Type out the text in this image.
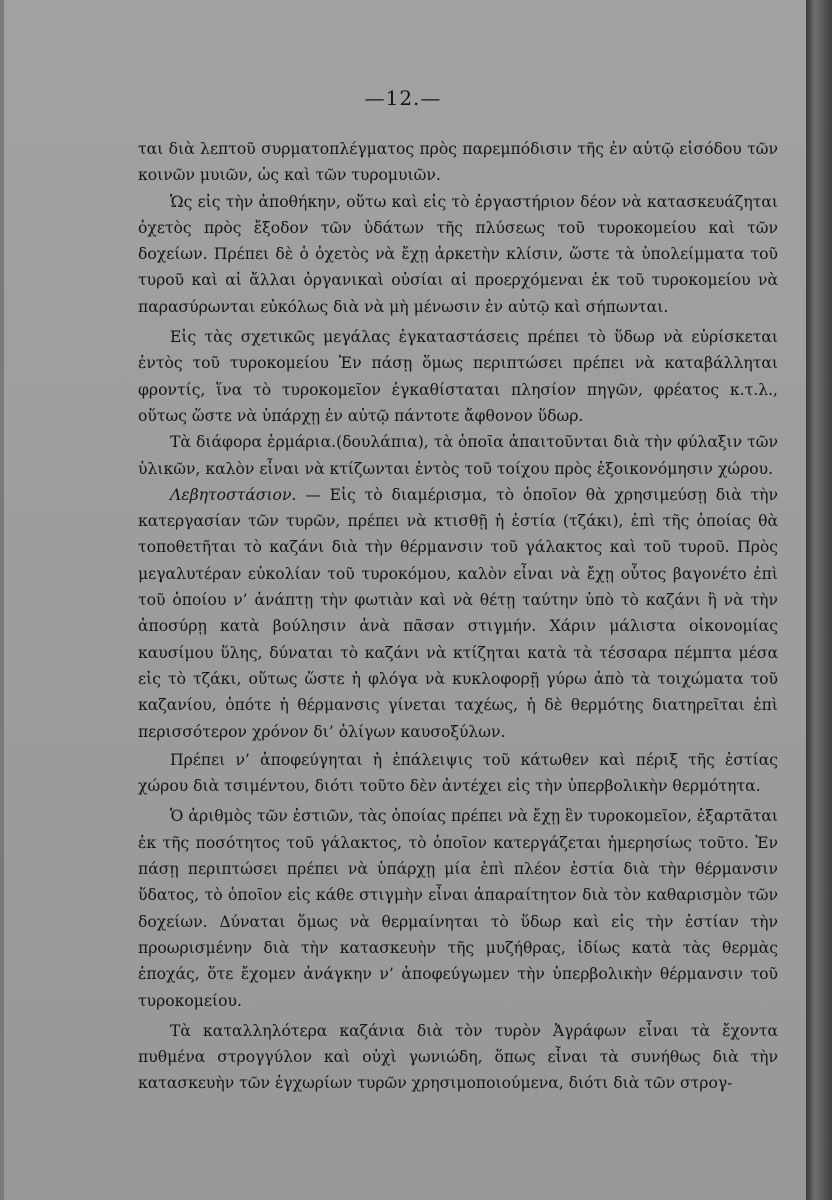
—12.—

ται διὰ λεπτοῦ συρματοπλέγματος πρὸς παρεμπόδισιν τῆς ἐν αὐτῷ εἰσόδου τῶν κοινῶν μυιῶν, ὡς καὶ τῶν τυρομυιῶν.

Ὡς εἰς τὴν ἀποθήκην, οὕτω καὶ εἰς τὸ ἐργαστήριον δέον νὰ κατασκευάζηται ὀχετὸς πρὸς ἔξοδον τῶν ὑδάτων τῆς πλύσεως τοῦ τυροκομείου καὶ τῶν δοχείων. Πρέπει δὲ ὁ ὀχετὸς νὰ ἔχῃ ἀρκετὴν κλίσιν, ὥστε τὰ ὑπολείμματα τοῦ τυροῦ καὶ αἱ ἄλλαι ὀργανικαὶ οὐσίαι αἱ προερχόμεναι ἐκ τοῦ τυροκομείου νὰ παρασύρωνται εὐκόλως διὰ νὰ μὴ μένωσιν ἐν αὐτῷ καὶ σήπωνται.

Εἰς τὰς σχετικῶς μεγάλας ἐγκαταστάσεις πρέπει τὸ ὕδωρ νὰ εὑρίσκεται ἐντὸς τοῦ τυροκομείου Ἐν πάσῃ ὅμως περιπτώσει πρέπει νὰ καταβάλληται φροντίς, ἵνα τὸ τυροκομεῖον ἐγκαθίσταται πλησίον πηγῶν, φρέατος κ.τ.λ., οὕτως ὥστε νὰ ὑπάρχῃ ἐν αὐτῷ πάντοτε ἄφθονον ὕδωρ.

Τὰ διάφορα ἑρμάρια.(δουλάπια), τὰ ὁποῖα ἀπαιτοῦνται διὰ τὴν φύλαξιν τῶν ὑλικῶν, καλὸν εἶναι νὰ κτίζωνται ἐντὸς τοῦ τοίχου πρὸς ἐξοικονόμησιν χώρου.

Λεβητοστάσιον. — Εἰς τὸ διαμέρισμα, τὸ ὁποῖον θὰ χρησιμεύσῃ διὰ τὴν κατεργασίαν τῶν τυρῶν, πρέπει νὰ κτισθῇ ἡ ἑστία (τζάκι), ἐπὶ τῆς ὁποίας θὰ τοποθετῆται τὸ καζάνι διὰ τὴν θέρμανσιν τοῦ γάλακτος καὶ τοῦ τυροῦ. Πρὸς μεγαλυτέραν εὐκολίαν τοῦ τυροκόμου, καλὸν εἶναι νὰ ἔχῃ οὗτος βαγονέτο ἐπὶ τοῦ ὁποίου ν’ ἀνάπτῃ τὴν φωτιὰν καὶ νὰ θέτῃ ταύτην ὑπὸ τὸ καζάνι ἢ νὰ τὴν ἀποσύρῃ κατὰ βούλησιν ἀνὰ πᾶσαν στιγμήν. Χάριν μάλιστα οἰκονομίας καυσίμου ὕλης, δύναται τὸ καζάνι νὰ κτίζηται κατὰ τὰ τέσσαρα πέμπτα μέσα εἰς τὸ τζάκι, οὕτως ὥστε ἡ φλόγα νὰ κυκλοφορῇ γύρω ἀπὸ τὰ τοιχώματα τοῦ καζανίου, ὁπότε ἡ θέρμανσις γίνεται ταχέως, ἡ δὲ θερμότης διατηρεῖται ἐπὶ περισσότερον χρόνον δι’ ὀλίγων καυσοξύλων.

Πρέπει ν’ ἀποφεύγηται ἡ ἐπάλειψις τοῦ κάτωθεν καὶ πέριξ τῆς ἑστίας χώρου διὰ τσιμέντου, διότι τοῦτο δὲν ἀντέχει εἰς τὴν ὑπερβολικὴν θερμότητα.

Ὁ ἀριθμὸς τῶν ἑστιῶν, τὰς ὁποίας πρέπει νὰ ἔχῃ ἓν τυροκομεῖον, ἐξαρτᾶται ἐκ τῆς ποσότητος τοῦ γάλακτος, τὸ ὁποῖον κατεργάζεται ἡμερησίως τοῦτο. Ἐν πάσῃ περιπτώσει πρέπει νὰ ὑπάρχῃ μία ἐπὶ πλέον ἑστία διὰ τὴν θέρμανσιν ὕδατος, τὸ ὁποῖον εἰς κάθε στιγμὴν εἶναι ἀπαραίτητον διὰ τὸν καθαρισμὸν τῶν δοχείων. Δύναται ὅμως νὰ θερμαίνηται τὸ ὕδωρ καὶ εἰς τὴν ἑστίαν τὴν προωρισμένην διὰ τὴν κατασκευὴν τῆς μυζήθρας, ἰδίως κατὰ τὰς θερμὰς ἐποχάς, ὅτε ἔχομεν ἀνάγκην ν’ ἀποφεύγωμεν τὴν ὑπερβολικὴν θέρμανσιν τοῦ τυροκομείου.

Τὰ καταλληλότερα καζάνια διὰ τὸν τυρὸν Ἀγράφων εἶναι τὰ ἔχοντα πυθμένα στρογγύλον καὶ οὐχὶ γωνιώδη, ὅπως εἶναι τὰ συνήθως διὰ τὴν κατασκευὴν τῶν ἐγχωρίων τυρῶν χρησιμοποιούμενα, διότι διὰ τῶν στρογ-
